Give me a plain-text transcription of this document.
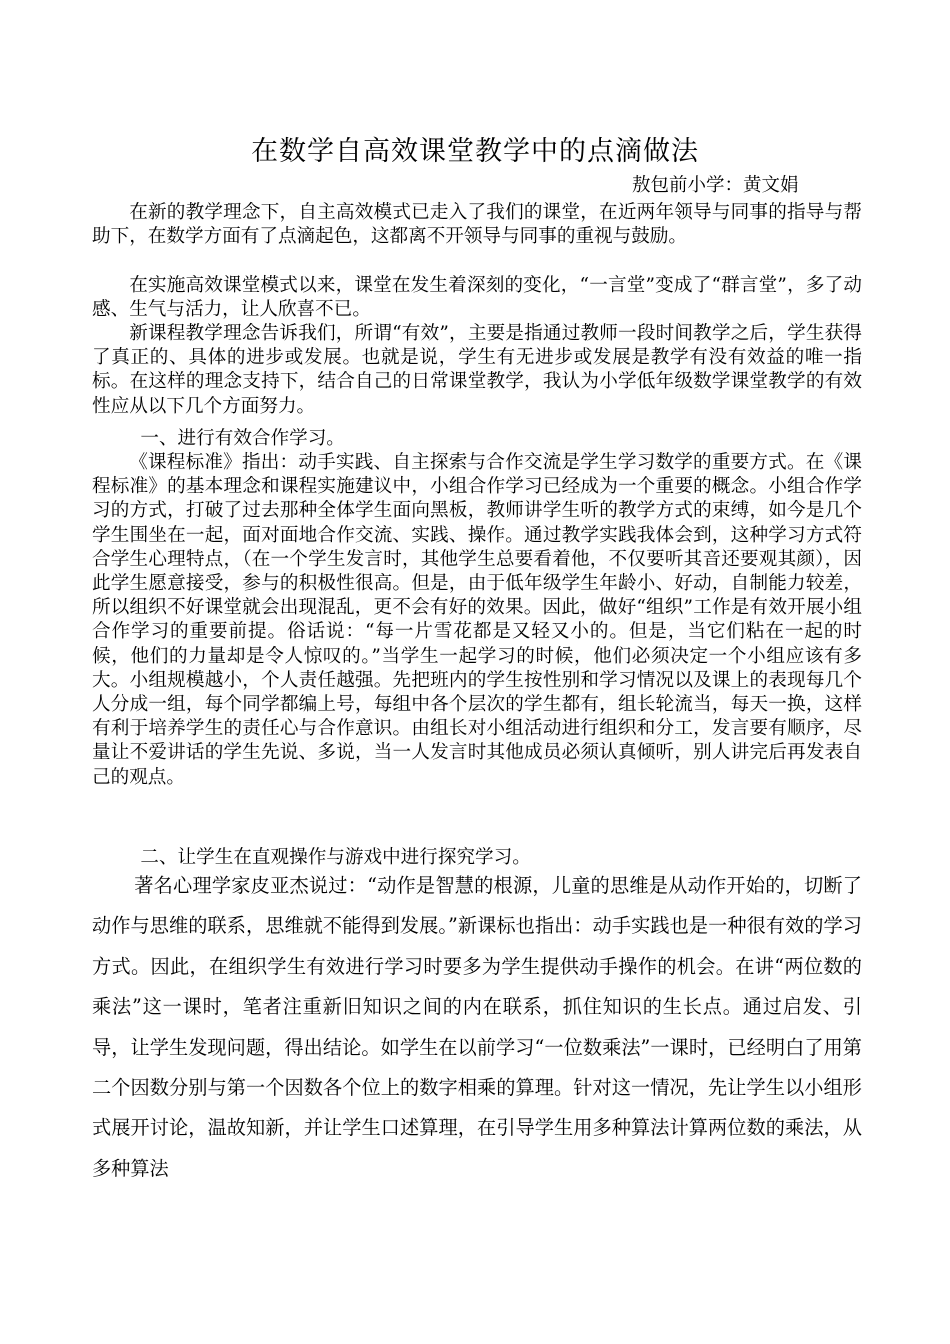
在数学自高效课堂教学中的点滴做法
敖包前小学：黄文娟

在新的教学理念下，自主高效模式已走入了我们的课堂，在近两年领导与同事的指导与帮助下，在数学方面有了点滴起色，这都离不开领导与同事的重视与鼓励。

在实施高效课堂模式以来，课堂在发生着深刻的变化，“一言堂”变成了“群言堂”，多了动感、生气与活力，让人欣喜不已。

新课程教学理念告诉我们，所谓“有效”，主要是指通过教师一段时间教学之后，学生获得了真正的、具体的进步或发展。也就是说，学生有无进步或发展是教学有没有效益的唯一指标。在这样的理念支持下，结合自己的日常课堂教学，我认为小学低年级数学课堂教学的有效性应从以下几个方面努力。

一、进行有效合作学习。

《课程标准》指出：动手实践、自主探索与合作交流是学生学习数学的重要方式。在《课程标准》的基本理念和课程实施建议中，小组合作学习已经成为一个重要的概念。小组合作学习的方式，打破了过去那种全体学生面向黑板，教师讲学生听的教学方式的束缚，如今是几个学生围坐在一起，面对面地合作交流、实践、操作。通过教学实践我体会到，这种学习方式符合学生心理特点，（在一个学生发言时，其他学生总要看着他，不仅要听其音还要观其颜），因此学生愿意接受，参与的积极性很高。但是，由于低年级学生年龄小、好动，自制能力较差，所以组织不好课堂就会出现混乱，更不会有好的效果。因此，做好“组织”工作是有效开展小组合作学习的重要前提。俗话说：“每一片雪花都是又轻又小的。但是，当它们粘在一起的时候，他们的力量却是令人惊叹的。”当学生一起学习的时候，他们必须决定一个小组应该有多大。小组规模越小，个人责任越强。先把班内的学生按性别和学习情况以及课上的表现每几个人分成一组，每个同学都编上号，每组中各个层次的学生都有，组长轮流当，每天一换，这样有利于培养学生的责任心与合作意识。由组长对小组活动进行组织和分工，发言要有顺序，尽量让不爱讲话的学生先说、多说，当一人发言时其他成员必须认真倾听，别人讲完后再发表自己的观点。

二、让学生在直观操作与游戏中进行探究学习。

著名心理学家皮亚杰说过：“动作是智慧的根源，儿童的思维是从动作开始的，切断了动作与思维的联系，思维就不能得到发展。”新课标也指出：动手实践也是一种很有效的学习方式。因此，在组织学生有效进行学习时要多为学生提供动手操作的机会。在讲“两位数的乘法”这一课时，笔者注重新旧知识之间的内在联系，抓住知识的生长点。通过启发、引导，让学生发现问题，得出结论。如学生在以前学习“一位数乘法”一课时，已经明白了用第二个因数分别与第一个因数各个位上的数字相乘的算理。针对这一情况，先让学生以小组形式展开讨论，温故知新，并让学生口述算理，在引导学生用多种算法计算两位数的乘法，从多种算法
